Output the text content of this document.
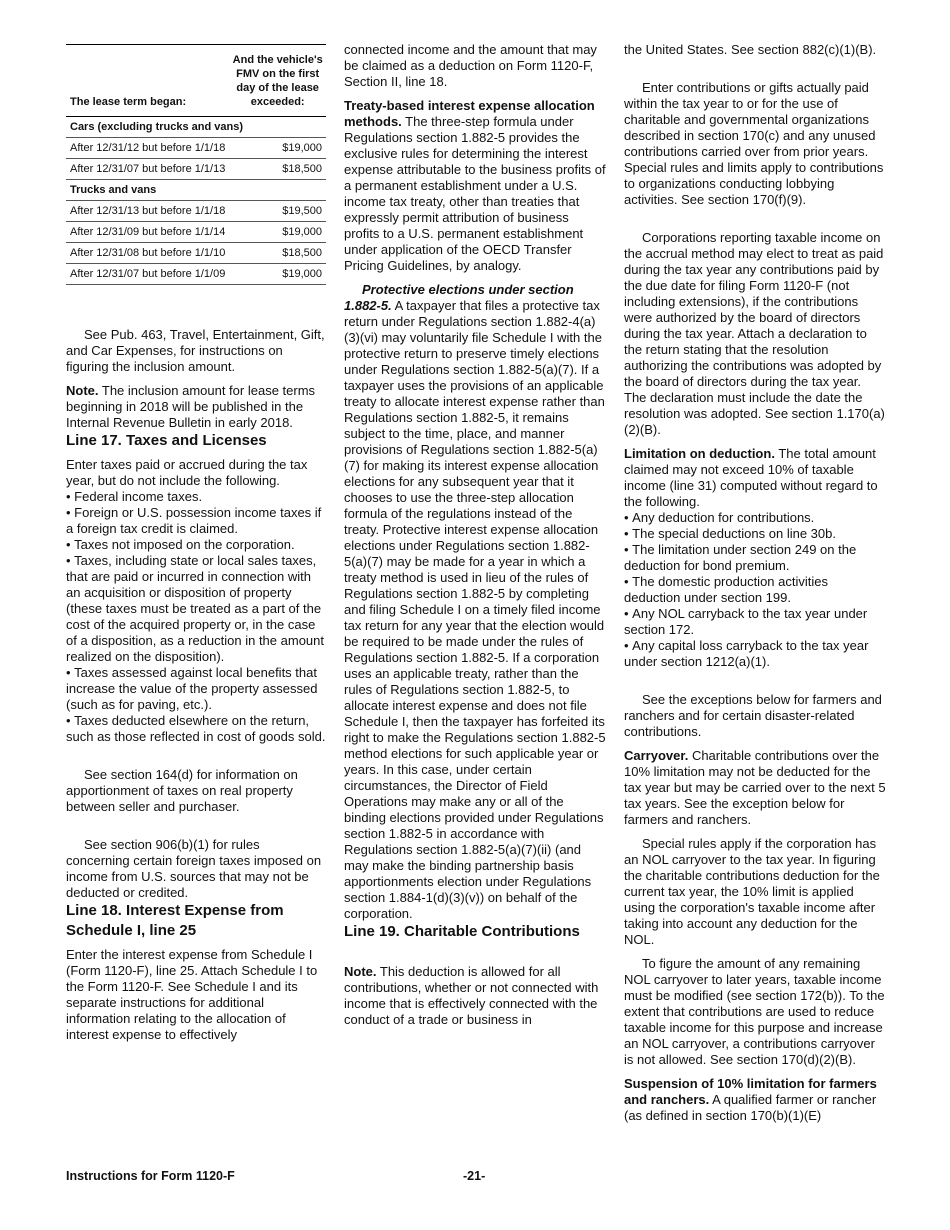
The lease term began:	And the vehicle's FMV on the first day of the lease exceeded:
Cars (excluding trucks and vans)	
After 12/31/12 but before 1/1/18	$19,000
After 12/31/07 but before 1/1/13	$18,500
Trucks and vans	
After 12/31/13 but before 1/1/18	$19,500
After 12/31/09 but before 1/1/14	$19,000
After 12/31/08 but before 1/1/10	$18,500
After 12/31/07 but before 1/1/09	$19,000

See Pub. 463, Travel, Entertainment, Gift, and Car Expenses, for instructions on figuring the inclusion amount.

Note. The inclusion amount for lease terms beginning in 2018 will be published in the Internal Revenue Bulletin in early 2018.

Line 17. Taxes and Licenses

Enter taxes paid or accrued during the tax year, but do not include the following.

• Federal income taxes.

• Foreign or U.S. possession income taxes if a foreign tax credit is claimed.

• Taxes not imposed on the corporation.

• Taxes, including state or local sales taxes, that are paid or incurred in connection with an acquisition or disposition of property (these taxes must be treated as a part of the cost of the acquired property or, in the case of a disposition, as a reduction in the amount realized on the disposition).

• Taxes assessed against local benefits that increase the value of the property assessed (such as for paving, etc.).

• Taxes deducted elsewhere on the return, such as those reflected in cost of goods sold.

See section 164(d) for information on apportionment of taxes on real property between seller and purchaser.

See section 906(b)(1) for rules concerning certain foreign taxes imposed on income from U.S. sources that may not be deducted or credited.

Line 18. Interest Expense from Schedule I, line 25

Enter the interest expense from Schedule I (Form 1120-F), line 25. Attach Schedule I to the Form 1120-F. See Schedule I and its separate instructions for additional information relating to the allocation of interest expense to effectively

connected income and the amount that may be claimed as a deduction on Form 1120-F, Section II, line 18.

Treaty-based interest expense allocation methods. The three-step formula under Regulations section 1.882-5 provides the exclusive rules for determining the interest expense attributable to the business profits of a permanent establishment under a U.S. income tax treaty, other than treaties that expressly permit attribution of business profits to a U.S. permanent establishment under application of the OECD Transfer Pricing Guidelines, by analogy.

Protective elections under section 1.882-5. A taxpayer that files a protective tax return under Regulations section 1.882-4(a)(3)(vi) may voluntarily file Schedule I with the protective return to preserve timely elections under Regulations section 1.882-5(a)(7). If a taxpayer uses the provisions of an applicable treaty to allocate interest expense rather than Regulations section 1.882-5, it remains subject to the time, place, and manner provisions of Regulations section 1.882-5(a)(7) for making its interest expense allocation elections for any subsequent year that it chooses to use the three-step allocation formula of the regulations instead of the treaty. Protective interest expense allocation elections under Regulations section 1.882-5(a)(7) may be made for a year in which a treaty method is used in lieu of the rules of Regulations section 1.882-5 by completing and filing Schedule I on a timely filed income tax return for any year that the election would be required to be made under the rules of Regulations section 1.882-5. If a corporation uses an applicable treaty, rather than the rules of Regulations section 1.882-5, to allocate interest expense and does not file Schedule I, then the taxpayer has forfeited its right to make the Regulations section 1.882-5 method elections for such applicable year or years. In this case, under certain circumstances, the Director of Field Operations may make any or all of the binding elections provided under Regulations section 1.882-5 in accordance with Regulations section 1.882-5(a)(7)(ii) (and may make the binding partnership basis apportionments election under Regulations section 1.884-1(d)(3)(v)) on behalf of the corporation.

Line 19. Charitable Contributions

Note. This deduction is allowed for all contributions, whether or not connected with income that is effectively connected with the conduct of a trade or business in

the United States. See section 882(c)(1)(B).

Enter contributions or gifts actually paid within the tax year to or for the use of charitable and governmental organizations described in section 170(c) and any unused contributions carried over from prior years. Special rules and limits apply to contributions to organizations conducting lobbying activities. See section 170(f)(9).

Corporations reporting taxable income on the accrual method may elect to treat as paid during the tax year any contributions paid by the due date for filing Form 1120-F (not including extensions), if the contributions were authorized by the board of directors during the tax year. Attach a declaration to the return stating that the resolution authorizing the contributions was adopted by the board of directors during the tax year. The declaration must include the date the resolution was adopted. See section 1.170(a)(2)(B).

Limitation on deduction. The total amount claimed may not exceed 10% of taxable income (line 31) computed without regard to the following.

• Any deduction for contributions.

• The special deductions on line 30b.

• The limitation under section 249 on the deduction for bond premium.

• The domestic production activities deduction under section 199.

• Any NOL carryback to the tax year under section 172.

• Any capital loss carryback to the tax year under section 1212(a)(1).

See the exceptions below for farmers and ranchers and for certain disaster-related contributions.

Carryover. Charitable contributions over the 10% limitation may not be deducted for the tax year but may be carried over to the next 5 tax years. See the exception below for farmers and ranchers.

Special rules apply if the corporation has an NOL carryover to the tax year. In figuring the charitable contributions deduction for the current tax year, the 10% limit is applied using the corporation's taxable income after taking into account any deduction for the NOL.

To figure the amount of any remaining NOL carryover to later years, taxable income must be modified (see section 172(b)). To the extent that contributions are used to reduce taxable income for this purpose and increase an NOL carryover, a contributions carryover is not allowed. See section 170(d)(2)(B).

Suspension of 10% limitation for farmers and ranchers. A qualified farmer or rancher (as defined in section 170(b)(1)(E)

Instructions for Form 1120-F	-21-
